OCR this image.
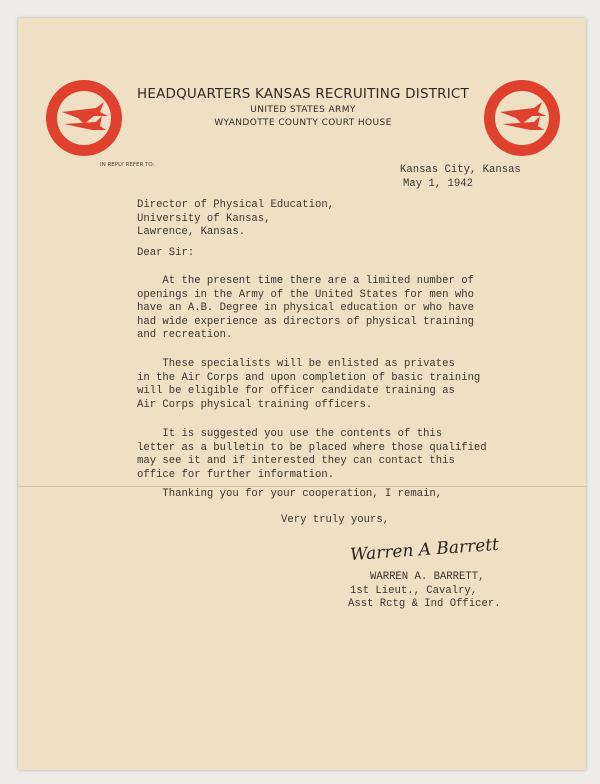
HEADQUARTERS KANSAS RECRUITING DISTRICT
UNITED STATES ARMY
WYANDOTTE COUNTY COURT HOUSE
IN REPLY REFER TO:	Kansas City, Kansas
May 1, 1942
Director of Physical Education,
University of Kansas,
Lawrence, Kansas.
Dear Sir:
At the present time there are a limited number of
openings in the Army of the United States for men who
have an A.B. Degree in physical education or who have
had wide experience as directors of physical training
and recreation.
These specialists will be enlisted as privates
in the Air Corps and upon completion of basic training
will be eligible for officer candidate training as
Air Corps physical training officers.
It is suggested you use the contents of this
letter as a bulletin to be placed where those qualified
may see it and if interested they can contact this
office for further information.
Thanking you for your cooperation, I remain,
Very truly yours,
Warren A Barrett
WARREN A. BARRETT,
1st Lieut., Cavalry,
Asst Rctg & Ind Officer.
